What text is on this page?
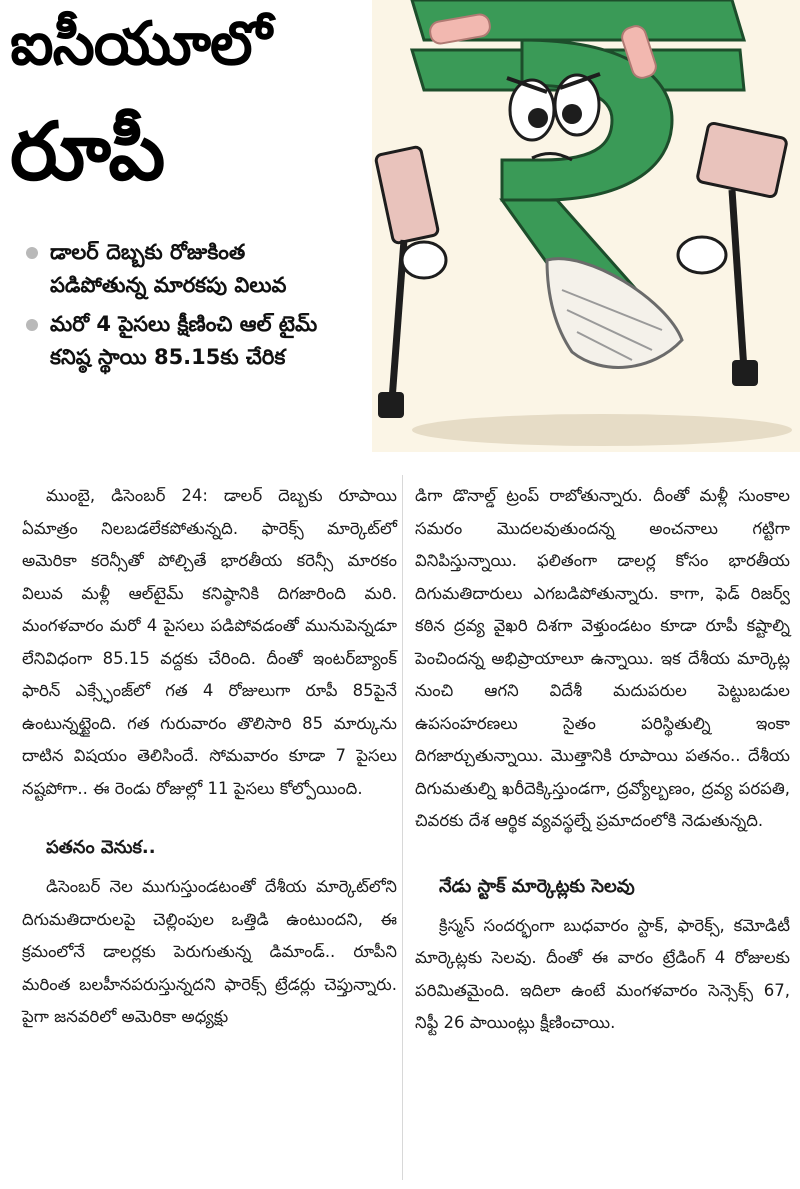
ఐసీయూలో
రూపీ
డాలర్ దెబ్బకు రోజుకింత పడిపోతున్న మారకపు విలువ
మరో 4 పైసలు క్షీణించి ఆల్ టైమ్ కనిష్ఠ స్థాయి 85.15కు చేరిక

ముంబై, డిసెంబర్ 24: డాలర్ దెబ్బకు రూపాయి ఏమాత్రం నిలబడలేకపోతున్నది. ఫారెక్స్ మార్కెట్‌లో అమెరికా కరెన్సీతో పోల్చితే భారతీయ కరెన్సీ మారకం విలువ మళ్లీ ఆల్‌టైమ్ కనిష్ఠానికి దిగజారింది మరి. మంగళవారం మరో 4 పైసలు పడిపోవడంతో మునుపెన్నడూ లేనివిధంగా 85.15 వద్దకు చేరింది. దీంతో ఇంటర్‌బ్యాంక్ ఫారిన్ ఎక్స్ఛేంజ్‌లో గత 4 రోజులుగా రూపీ 85పైనే ఉంటున్నట్టైంది. గత గురువారం తొలిసారి 85 మార్కును దాటిన విషయం తెలిసిందే. సోమవారం కూడా 7 పైసలు నష్టపోగా.. ఈ రెండు రోజుల్లో 11 పైసలు కోల్పోయింది.

పతనం వెనుక..

డిసెంబర్ నెల ముగుస్తుండటంతో దేశీయ మార్కెట్‌లోని దిగుమతిదారులపై చెల్లింపుల ఒత్తిడి ఉంటుందని, ఈ క్రమంలోనే డాలర్లకు పెరుగుతున్న డిమాండ్.. రూపీని మరింత బలహీనపరుస్తున్నదని ఫారెక్స్ ట్రేడర్లు చెప్తున్నారు. పైగా జనవరిలో అమెరికా అధ్యక్షు

డిగా డొనాల్డ్ ట్రంప్ రాబోతున్నారు. దీంతో మళ్లీ సుంకాల సమరం మొదలవుతుందన్న అంచనాలు గట్టిగా వినిపిస్తున్నాయి. ఫలితంగా డాలర్ల కోసం భారతీయ దిగుమతిదారులు ఎగబడిపోతున్నారు. కాగా, ఫెడ్ రిజర్వ్ కఠిన ద్రవ్య వైఖరి దిశగా వెళ్తుండటం కూడా రూపీ కష్టాల్ని పెంచిందన్న అభిప్రాయాలూ ఉన్నాయి. ఇక దేశీయ మార్కెట్ల నుంచి ఆగని విదేశీ మదుపరుల పెట్టుబడుల ఉపసంహరణలు సైతం పరిస్థితుల్ని ఇంకా దిగజార్చుతున్నాయి. మొత్తానికి రూపాయి పతనం.. దేశీయ దిగుమతుల్ని ఖరీదెక్కిస్తుండగా, ద్రవ్యోల్బణం, ద్రవ్య పరపతి, చివరకు దేశ ఆర్థిక వ్యవస్థల్నే ప్రమాదంలోకి నెడుతున్నది.

నేడు స్టాక్ మార్కెట్లకు సెలవు

క్రిస్మస్ సందర్భంగా బుధవారం స్టాక్, ఫారెక్స్, కమోడిటీ మార్కెట్లకు సెలవు. దీంతో ఈ వారం ట్రేడింగ్ 4 రోజులకు పరిమితమైంది. ఇదిలా ఉంటే మంగళవారం సెన్సెక్స్ 67, నిఫ్టీ 26 పాయింట్లు క్షీణించాయి.
